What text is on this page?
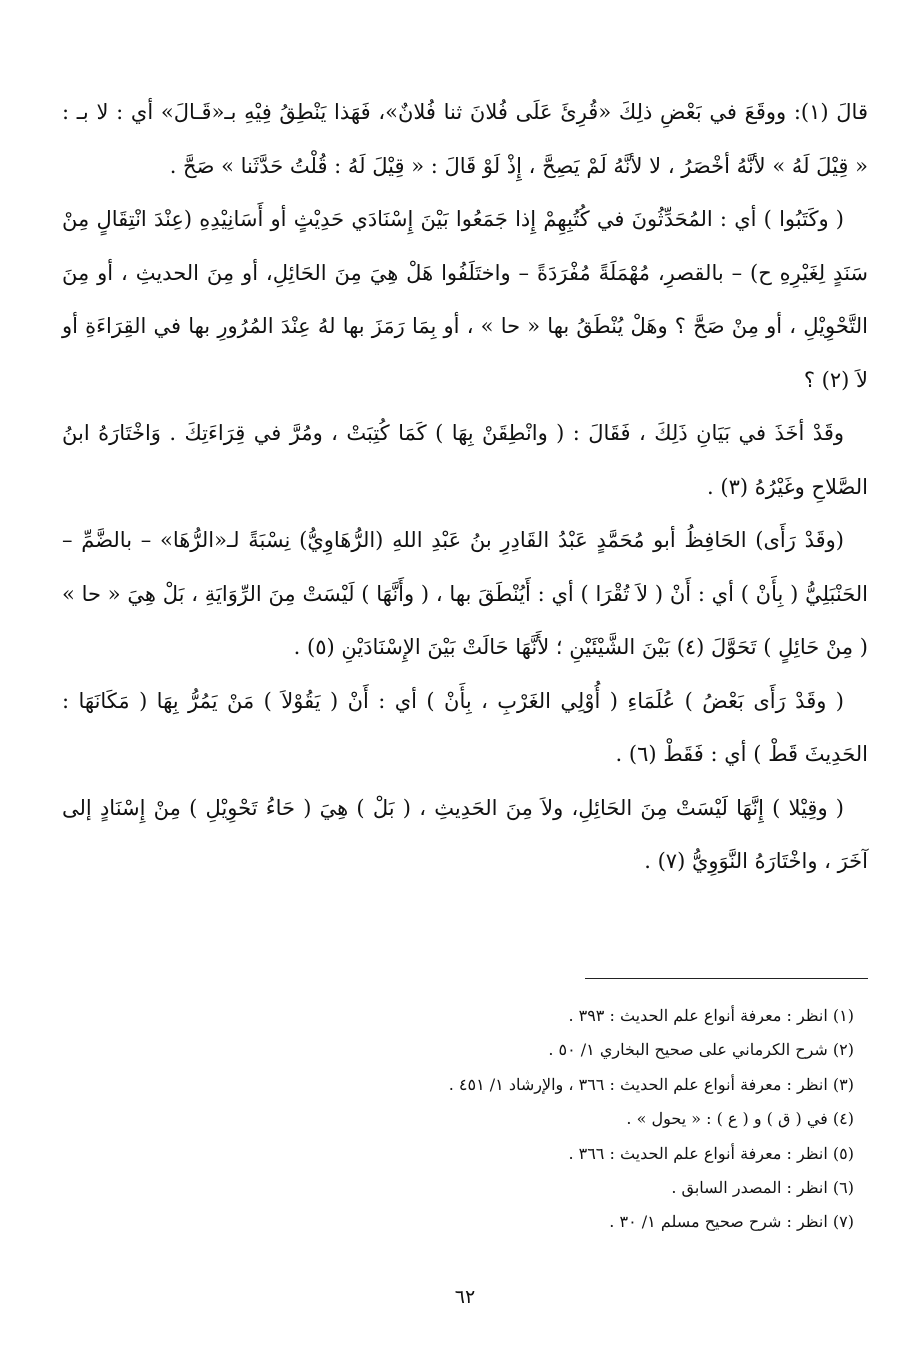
قالَ (١): ووقَعَ في بَعْضِ ذلِكَ «قُرِئَ عَلَى فُلانَ ثنا فُلانٌ»، فَهَذا يَنْطِقُ فِيْهِ بـ«قَـالَ» أي : لا بـ : « قِيْلَ لَهُ » لأنَّهُ أخْصَرُ ، لا لأنَّهُ لَمْ يَصِحَّ ، إِذْ لَوْ قَالَ : « قِيْلَ لَهُ : قُلْتُ حَدَّثَنا » صَحَّ .

( وكَتَبُوا ) أي : المُحَدِّثُونَ في كُتُبِهِمْ إِذا جَمَعُوا بَيْنَ إِسْنَادَي حَدِيْثٍ أو أَسَانِيْدِهِ (عِنْدَ انْتِقَالٍ مِنْ سَنَدٍ لِغَيْرِهِ ح) – بالقصرِ، مُهْمَلَةً مُفْرَدَةً – واختَلَفُوا هَلْ هِيَ مِنَ الحَائِلِ، أو مِنَ الحديثِ ، أو مِنَ التَّحْوِيْلِ ، أو مِنْ صَحَّ ؟ وهَلْ يُنْطَقُ بها « حا » ، أو بِمَا رَمَزَ بها لهُ عِنْدَ المُرُورِ بها في القِرَاءَةِ أو لاَ (٢) ؟

وقَدْ أخَذَ في بَيَانِ ذَلِكَ ، فَقَالَ : ( وانْطِقَنْ بِهَا ) كَمَا كُتِبَتْ ، ومُرَّ في قِرَاءَتِكَ . وَاخْتَارَهُ ابنُ الصَّلاحِ وغَيْرُهُ (٣) .

(وقَدْ رَأَى) الحَافِظُ أبو مُحَمَّدٍ عَبْدُ القَادِرِ بنُ عَبْدِ اللهِ (الرُّهَاوِيُّ) نِسْبَةً لـ«الرُّهَا» – بالضَّمِّ – الحَنْبَلِيُّ ( بِأَنْ ) أي : أَنْ ( لاَ تُقْرَا ) أي : أَيُنْطَقَ بها ، ( وأَنَّهَا ) لَيْسَتْ مِنَ الرِّوَايَةِ ، بَلْ هِيَ « حا » ( مِنْ حَائِلٍ ) تَحَوَّلَ (٤) بَيْنَ الشَّيْئَيْنِ ؛ لأَنَّهَا حَالَتْ بَيْنَ الإِسْنَادَيْنِ (٥) .

( وقَدْ رَأَى بَعْضُ ) عُلَمَاءِ ( أُوْلِي الغَرْبِ ، بِأَنْ ) أي : أَنْ ( يَقُوْلاَ ) مَنْ يَمُرُّ بِهَا ( مَكَانَهَا : الحَدِيثَ قَطْ ) أي : فَقَطْ (٦) .

( وقِيْلا ) إِنَّهَا لَيْسَتْ مِنَ الحَائِلِ، ولاَ مِنَ الحَدِيثِ ، ( بَلْ ) هِيَ ( حَاءُ تَحْوِيْلِ ) مِنْ إِسْنَادٍ إلى آخَرَ ، واخْتَارَهُ النَّوَوِيُّ (٧) .

(١) انظر : معرفة أنواع علم الحديث : ٣٩٣ .
(٢) شرح الكرماني على صحيح البخاري ١/ ٥٠ .
(٣) انظر : معرفة أنواع علم الحديث : ٣٦٦ ، والإرشاد ١/ ٤٥١ .
(٤) في ( ق ) و ( ع ) : « يحول » .
(٥) انظر : معرفة أنواع علم الحديث : ٣٦٦ .
(٦) انظر : المصدر السابق .
(٧) انظر : شرح صحيح مسلم ١/ ٣٠ .
٦٢
